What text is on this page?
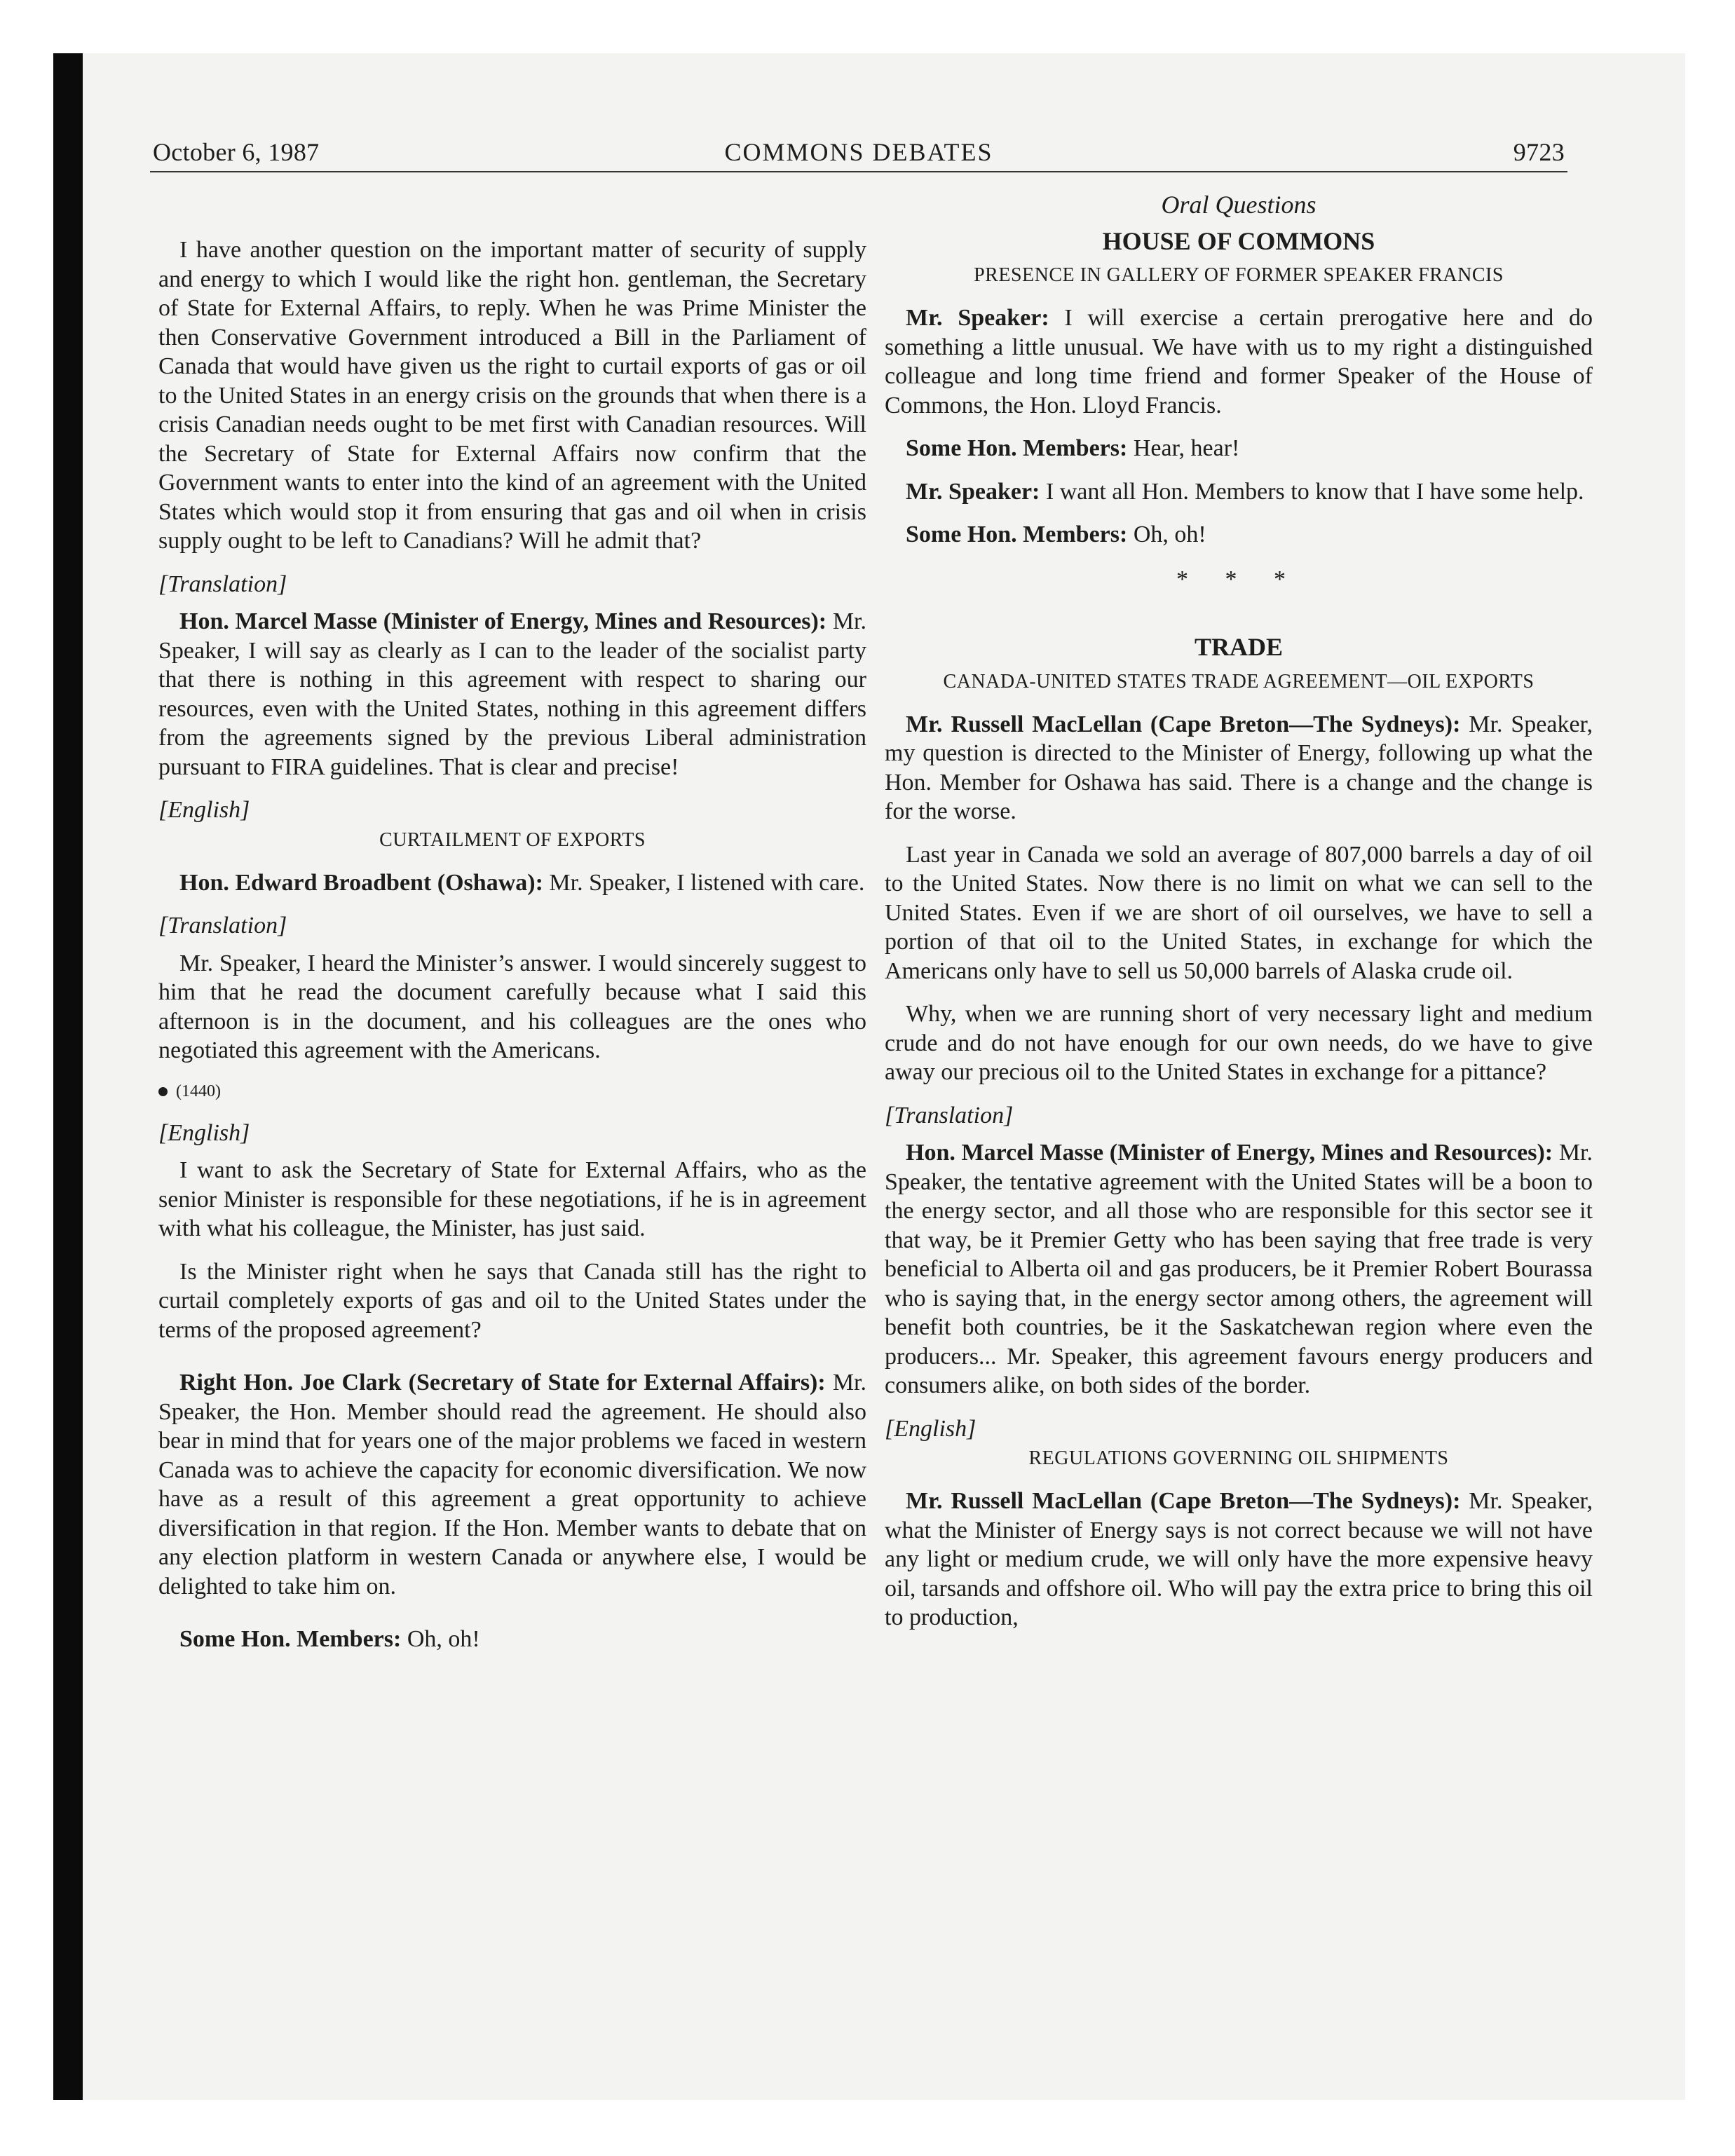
October 6, 1987	COMMONS DEBATES	9723

I have another question on the important matter of security of supply and energy to which I would like the right hon. gentleman, the Secretary of State for External Affairs, to reply. When he was Prime Minister the then Conservative Government introduced a Bill in the Parliament of Canada that would have given us the right to curtail exports of gas or oil to the United States in an energy crisis on the grounds that when there is a crisis Canadian needs ought to be met first with Canadian resources. Will the Secretary of State for External Affairs now confirm that the Government wants to enter into the kind of an agreement with the United States which would stop it from ensuring that gas and oil when in crisis supply ought to be left to Canadians? Will he admit that?

[Translation]

Hon. Marcel Masse (Minister of Energy, Mines and Resources): Mr. Speaker, I will say as clearly as I can to the leader of the socialist party that there is nothing in this agreement with respect to sharing our resources, even with the United States, nothing in this agreement differs from the agreements signed by the previous Liberal administration pursuant to FIRA guidelines. That is clear and precise!

[English]

CURTAILMENT OF EXPORTS

Hon. Edward Broadbent (Oshawa): Mr. Speaker, I listened with care.

[Translation]

Mr. Speaker, I heard the Minister’s answer. I would sincerely suggest to him that he read the document carefully because what I said this afternoon is in the document, and his colleagues are the ones who negotiated this agreement with the Americans.

(1440)

[English]

I want to ask the Secretary of State for External Affairs, who as the senior Minister is responsible for these negotiations, if he is in agreement with what his colleague, the Minister, has just said.

Is the Minister right when he says that Canada still has the right to curtail completely exports of gas and oil to the United States under the terms of the proposed agreement?

Right Hon. Joe Clark (Secretary of State for External Affairs): Mr. Speaker, the Hon. Member should read the agreement. He should also bear in mind that for years one of the major problems we faced in western Canada was to achieve the capacity for economic diversification. We now have as a result of this agreement a great opportunity to achieve diversification in that region. If the Hon. Member wants to debate that on any election platform in western Canada or anywhere else, I would be delighted to take him on.

Some Hon. Members: Oh, oh!

Oral Questions

HOUSE OF COMMONS

PRESENCE IN GALLERY OF FORMER SPEAKER FRANCIS

Mr. Speaker: I will exercise a certain prerogative here and do something a little unusual. We have with us to my right a distinguished colleague and long time friend and former Speaker of the House of Commons, the Hon. Lloyd Francis.

Some Hon. Members: Hear, hear!

Mr. Speaker: I want all Hon. Members to know that I have some help.

Some Hon. Members: Oh, oh!

* * *

TRADE

CANADA-UNITED STATES TRADE AGREEMENT—OIL EXPORTS

Mr. Russell MacLellan (Cape Breton—The Sydneys): Mr. Speaker, my question is directed to the Minister of Energy, following up what the Hon. Member for Oshawa has said. There is a change and the change is for the worse.

Last year in Canada we sold an average of 807,000 barrels a day of oil to the United States. Now there is no limit on what we can sell to the United States. Even if we are short of oil ourselves, we have to sell a portion of that oil to the United States, in exchange for which the Americans only have to sell us 50,000 barrels of Alaska crude oil.

Why, when we are running short of very necessary light and medium crude and do not have enough for our own needs, do we have to give away our precious oil to the United States in exchange for a pittance?

[Translation]

Hon. Marcel Masse (Minister of Energy, Mines and Resources): Mr. Speaker, the tentative agreement with the United States will be a boon to the energy sector, and all those who are responsible for this sector see it that way, be it Premier Getty who has been saying that free trade is very beneficial to Alberta oil and gas producers, be it Premier Robert Bourassa who is saying that, in the energy sector among others, the agreement will benefit both countries, be it the Saskatchewan region where even the producers... Mr. Speaker, this agreement favours energy producers and consumers alike, on both sides of the border.

[English]

REGULATIONS GOVERNING OIL SHIPMENTS

Mr. Russell MacLellan (Cape Breton—The Sydneys): Mr. Speaker, what the Minister of Energy says is not correct because we will not have any light or medium crude, we will only have the more expensive heavy oil, tarsands and offshore oil. Who will pay the extra price to bring this oil to production,
